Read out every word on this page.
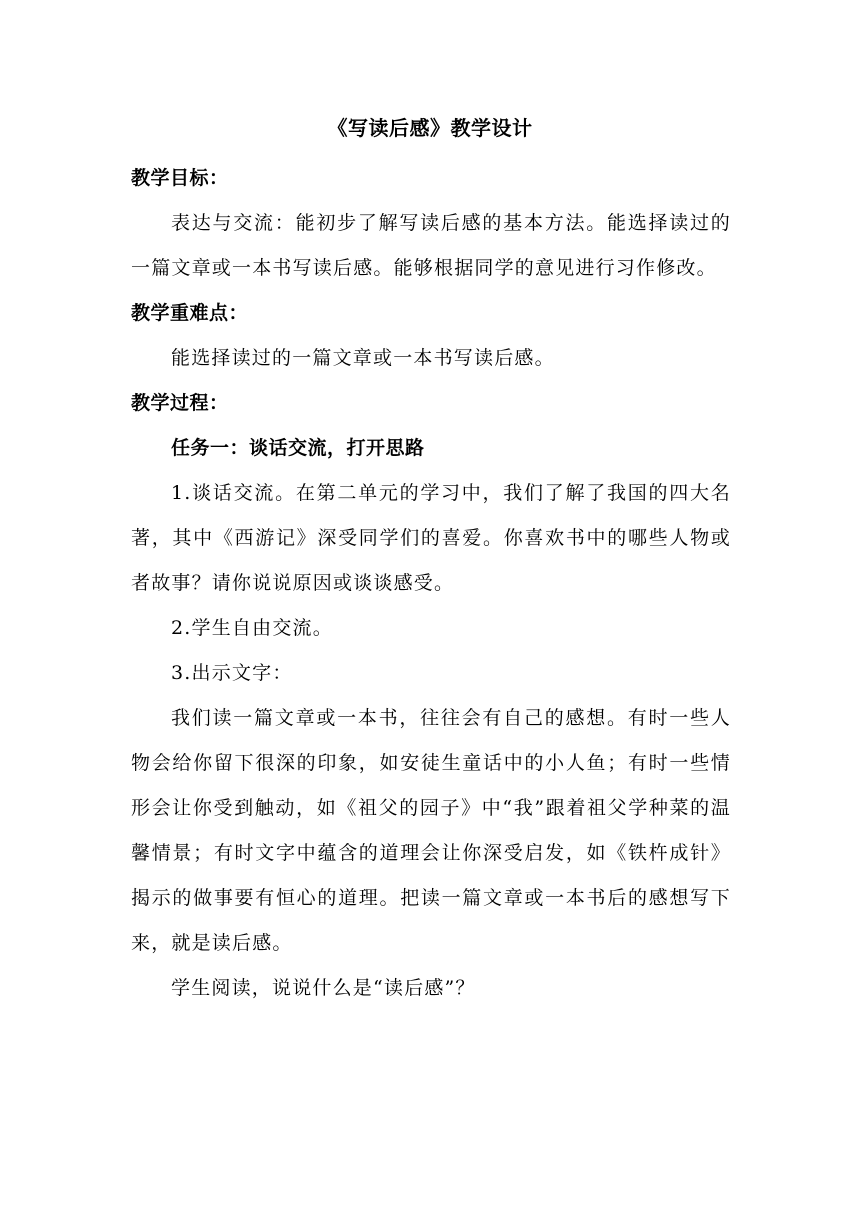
《写读后感》教学设计

教学目标：

表达与交流：能初步了解写读后感的基本方法。能选择读过的一篇文章或一本书写读后感。能够根据同学的意见进行习作修改。

教学重难点：

能选择读过的一篇文章或一本书写读后感。

教学过程：

任务一：谈话交流，打开思路

1.谈话交流。在第二单元的学习中，我们了解了我国的四大名著，其中《西游记》深受同学们的喜爱。你喜欢书中的哪些人物或者故事？请你说说原因或谈谈感受。

2.学生自由交流。

3.出示文字：

我们读一篇文章或一本书，往往会有自己的感想。有时一些人物会给你留下很深的印象，如安徒生童话中的小人鱼；有时一些情形会让你受到触动，如《祖父的园子》中“我”跟着祖父学种菜的温馨情景；有时文字中蕴含的道理会让你深受启发，如《铁杵成针》揭示的做事要有恒心的道理。把读一篇文章或一本书后的感想写下来，就是读后感。

学生阅读，说说什么是“读后感”？
